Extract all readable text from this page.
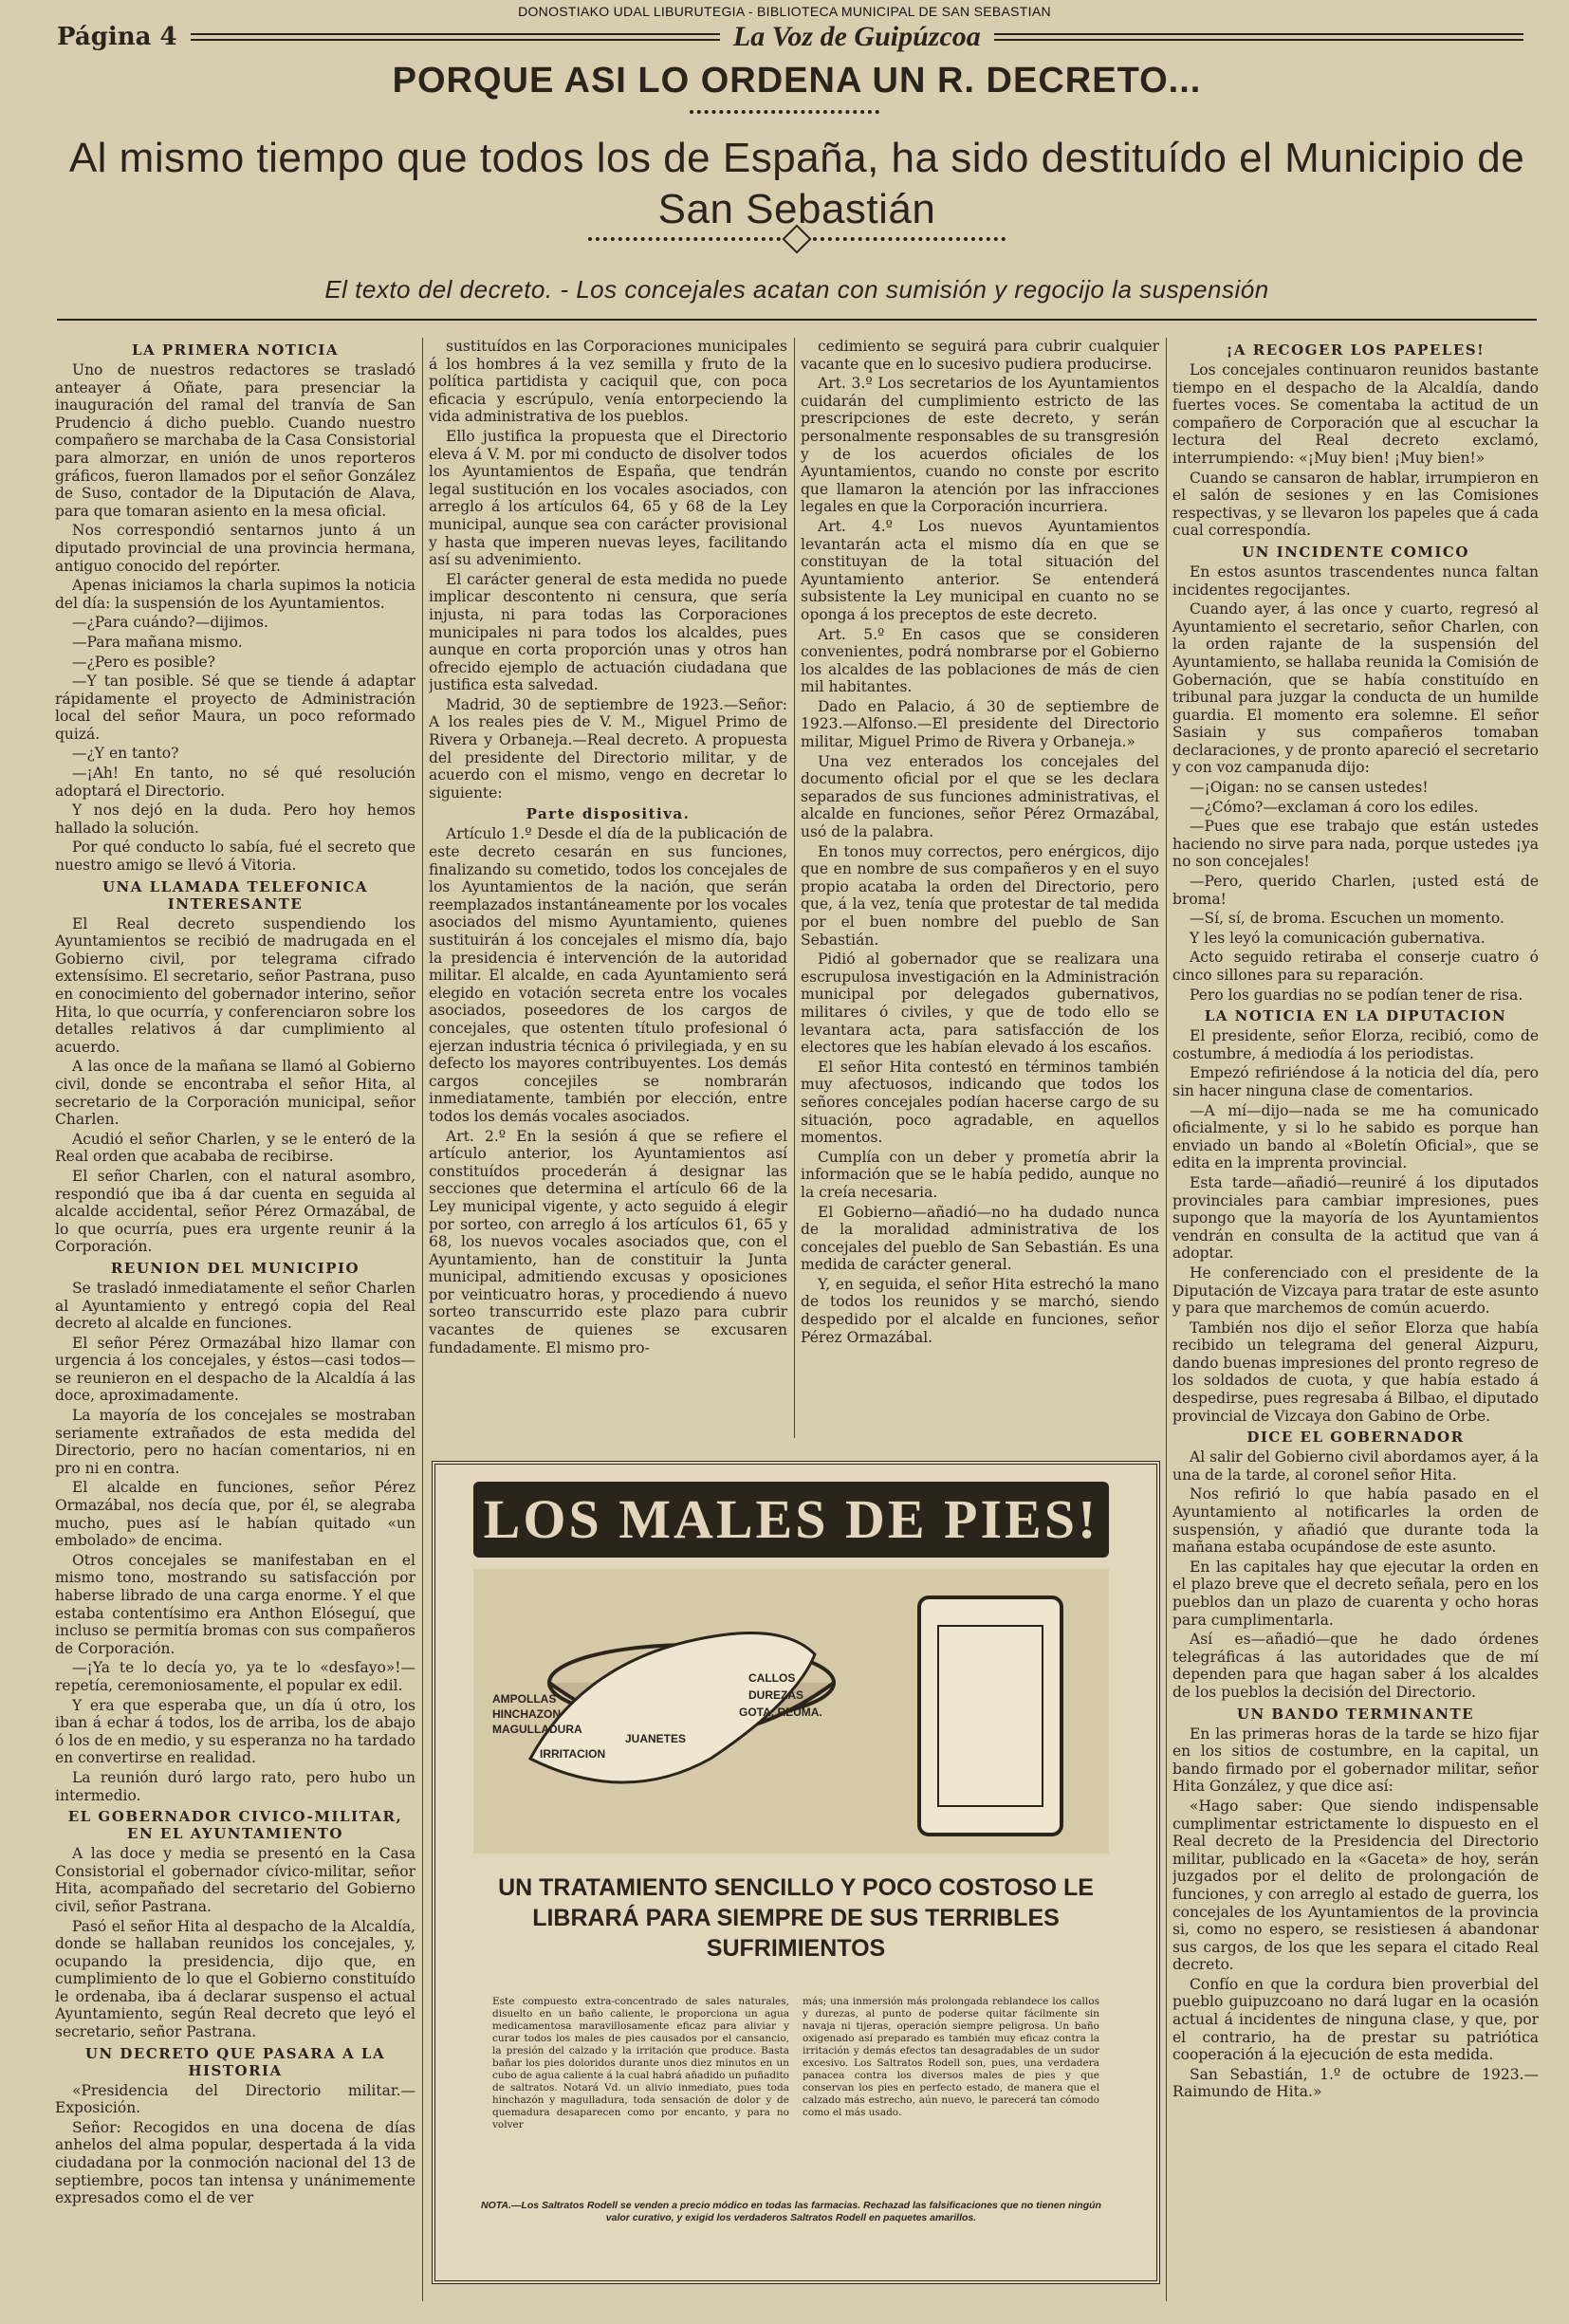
DONOSTIAKO UDAL LIBURUTEGIA - BIBLIOTECA MUNICIPAL DE SAN SEBASTIAN
Página 4	La Voz de Guipúzcoa
PORQUE ASI LO ORDENA UN R. DECRETO...
Al mismo tiempo que todos los de España, ha sido destituído el Municipio de San Sebastián
El texto del decreto. - Los concejales acatan con sumisión y regocijo la suspensión
LA PRIMERA NOTICIA

Uno de nuestros redactores se trasladó anteayer á Oñate, para presenciar la inauguración del ramal del tranvía de San Prudencio á dicho pueblo. Cuando nuestro compañero se marchaba de la Casa Consistorial para almorzar, en unión de unos reporteros gráficos, fueron llamados por el señor González de Suso, contador de la Diputación de Alava, para que tomaran asiento en la mesa oficial.

Nos correspondió sentarnos junto á un diputado provincial de una provincia hermana, antiguo conocido del repórter.

Apenas iniciamos la charla supimos la noticia del día: la suspensión de los Ayuntamientos.

—¿Para cuándo?—dijimos.

—Para mañana mismo.

—¿Pero es posible?

—Y tan posible. Sé que se tiende á adaptar rápidamente el proyecto de Administración local del señor Maura, un poco reformado quizá.

—¿Y en tanto?

—¡Ah! En tanto, no sé qué resolución adoptará el Directorio.

Y nos dejó en la duda. Pero hoy hemos hallado la solución.

Por qué conducto lo sabía, fué el secreto que nuestro amigo se llevó á Vitoria.

UNA LLAMADA TELEFONICA INTERESANTE

El Real decreto suspendiendo los Ayuntamientos se recibió de madrugada en el Gobierno civil, por telegrama cifrado extensísimo. El secretario, señor Pastrana, puso en conocimiento del gobernador interino, señor Hita, lo que ocurría, y conferenciaron sobre los detalles relativos á dar cumplimiento al acuerdo.

A las once de la mañana se llamó al Gobierno civil, donde se encontraba el señor Hita, al secretario de la Corporación municipal, señor Charlen.

Acudió el señor Charlen, y se le enteró de la Real orden que acababa de recibirse.

El señor Charlen, con el natural asombro, respondió que iba á dar cuenta en seguida al alcalde accidental, señor Pérez Ormazábal, de lo que ocurría, pues era urgente reunir á la Corporación.

REUNION DEL MUNICIPIO

Se trasladó inmediatamente el señor Charlen al Ayuntamiento y entregó copia del Real decreto al alcalde en funciones.

El señor Pérez Ormazábal hizo llamar con urgencia á los concejales, y éstos—casi todos—se reunieron en el despacho de la Alcaldía á las doce, aproximadamente.

La mayoría de los concejales se mostraban seriamente extrañados de esta medida del Directorio, pero no hacían comentarios, ni en pro ni en contra.

El alcalde en funciones, señor Pérez Ormazábal, nos decía que, por él, se alegraba mucho, pues así le habían quitado «un embolado» de encima.

Otros concejales se manifestaban en el mismo tono, mostrando su satisfacción por haberse librado de una carga enorme. Y el que estaba contentísimo era Anthon Elóseguí, que incluso se permitía bromas con sus compañeros de Corporación.

—¡Ya te lo decía yo, ya te lo «desfayo»!—repetía, ceremoniosamente, el popular ex edil.

Y era que esperaba que, un día ú otro, los iban á echar á todos, los de arriba, los de abajo ó los de en medio, y su esperanza no ha tardado en convertirse en realidad.

La reunión duró largo rato, pero hubo un intermedio.

EL GOBERNADOR CIVICO-MILITAR, EN EL AYUNTAMIENTO

A las doce y media se presentó en la Casa Consistorial el gobernador cívico-militar, señor Hita, acompañado del secretario del Gobierno civil, señor Pastrana.

Pasó el señor Hita al despacho de la Alcaldía, donde se hallaban reunidos los concejales, y, ocupando la presidencia, dijo que, en cumplimiento de lo que el Gobierno constituído le ordenaba, iba á declarar suspenso el actual Ayuntamiento, según Real decreto que leyó el secretario, señor Pastrana.

UN DECRETO QUE PASARA A LA HISTORIA

«Presidencia del Directorio militar.—Exposición.

Señor: Recogidos en una docena de días anhelos del alma popular, despertada á la vida ciudadana por la conmoción nacional del 13 de septiembre, pocos tan intensa y unánimemente expresados como el de ver

sustituídos en las Corporaciones municipales á los hombres á la vez semilla y fruto de la política partidista y caciquil que, con poca eficacia y escrúpulo, venía entorpeciendo la vida administrativa de los pueblos.

Ello justifica la propuesta que el Directorio eleva á V. M. por mi conducto de disolver todos los Ayuntamientos de España, que tendrán legal sustitución en los vocales asociados, con arreglo á los artículos 64, 65 y 68 de la Ley municipal, aunque sea con carácter provisional y hasta que imperen nuevas leyes, facilitando así su advenimiento.

El carácter general de esta medida no puede implicar descontento ni censura, que sería injusta, ni para todas las Corporaciones municipales ni para todos los alcaldes, pues aunque en corta proporción unas y otros han ofrecido ejemplo de actuación ciudadana que justifica esta salvedad.

Madrid, 30 de septiembre de 1923.—Señor: A los reales pies de V. M., Miguel Primo de Rivera y Orbaneja.—Real decreto. A propuesta del presidente del Directorio militar, y de acuerdo con el mismo, vengo en decretar lo siguiente:

Parte dispositiva.

Artículo 1.º Desde el día de la publicación de este decreto cesarán en sus funciones, finalizando su cometido, todos los concejales de los Ayuntamientos de la nación, que serán reemplazados instantáneamente por los vocales asociados del mismo Ayuntamiento, quienes sustituirán á los concejales el mismo día, bajo la presidencia é intervención de la autoridad militar. El alcalde, en cada Ayuntamiento será elegido en votación secreta entre los vocales asociados, poseedores de los cargos de concejales, que ostenten título profesional ó ejerzan industria técnica ó privilegiada, y en su defecto los mayores contribuyentes. Los demás cargos concejiles se nombrarán inmediatamente, también por elección, entre todos los demás vocales asociados.

Art. 2.º En la sesión á que se refiere el artículo anterior, los Ayuntamientos así constituídos procederán á designar las secciones que determina el artículo 66 de la Ley municipal vigente, y acto seguido á elegir por sorteo, con arreglo á los artículos 61, 65 y 68, los nuevos vocales asociados que, con el Ayuntamiento, han de constituir la Junta municipal, admitiendo excusas y oposiciones por veinticuatro horas, y procediendo á nuevo sorteo transcurrido este plazo para cubrir vacantes de quienes se excusaren fundadamente. El mismo pro-

cedimiento se seguirá para cubrir cualquier vacante que en lo sucesivo pudiera producirse.

Art. 3.º Los secretarios de los Ayuntamientos cuidarán del cumplimiento estricto de las prescripciones de este decreto, y serán personalmente responsables de su transgresión y de los acuerdos oficiales de los Ayuntamientos, cuando no conste por escrito que llamaron la atención por las infracciones legales en que la Corporación incurriera.

Art. 4.º Los nuevos Ayuntamientos levantarán acta el mismo día en que se constituyan de la total situación del Ayuntamiento anterior. Se entenderá subsistente la Ley municipal en cuanto no se oponga á los preceptos de este decreto.

Art. 5.º En casos que se consideren convenientes, podrá nombrarse por el Gobierno los alcaldes de las poblaciones de más de cien mil habitantes.

Dado en Palacio, á 30 de septiembre de 1923.—Alfonso.—El presidente del Directorio militar, Miguel Primo de Rivera y Orbaneja.»

Una vez enterados los concejales del documento oficial por el que se les declara separados de sus funciones administrativas, el alcalde en funciones, señor Pérez Ormazábal, usó de la palabra.

En tonos muy correctos, pero enérgicos, dijo que en nombre de sus compañeros y en el suyo propio acataba la orden del Directorio, pero que, á la vez, tenía que protestar de tal medida por el buen nombre del pueblo de San Sebastián.

Pidió al gobernador que se realizara una escrupulosa investigación en la Administración municipal por delegados gubernativos, militares ó civiles, y que de todo ello se levantara acta, para satisfacción de los electores que les habían elevado á los escaños.

El señor Hita contestó en términos también muy afectuosos, indicando que todos los señores concejales podían hacerse cargo de su situación, poco agradable, en aquellos momentos.

Cumplía con un deber y prometía abrir la información que se le había pedido, aunque no la creía necesaria.

El Gobierno—añadió—no ha dudado nunca de la moralidad administrativa de los concejales del pueblo de San Sebastián. Es una medida de carácter general.

Y, en seguida, el señor Hita estrechó la mano de todos los reunidos y se marchó, siendo despedido por el alcalde en funciones, señor Pérez Ormazábal.

¡A RECOGER LOS PAPELES!

Los concejales continuaron reunidos bastante tiempo en el despacho de la Alcaldía, dando fuertes voces. Se comentaba la actitud de un compañero de Corporación que al escuchar la lectura del Real decreto exclamó, interrumpiendo: «¡Muy bien! ¡Muy bien!»

Cuando se cansaron de hablar, irrumpieron en el salón de sesiones y en las Comisiones respectivas, y se llevaron los papeles que á cada cual correspondía.

UN INCIDENTE COMICO

En estos asuntos trascendentes nunca faltan incidentes regocijantes.

Cuando ayer, á las once y cuarto, regresó al Ayuntamiento el secretario, señor Charlen, con la orden rajante de la suspensión del Ayuntamiento, se hallaba reunida la Comisión de Gobernación, que se había constituído en tribunal para juzgar la conducta de un humilde guardia. El momento era solemne. El señor Sasiain y sus compañeros tomaban declaraciones, y de pronto apareció el secretario y con voz campanuda dijo:

—¡Oigan: no se cansen ustedes!

—¿Cómo?—exclaman á coro los ediles.

—Pues que ese trabajo que están ustedes haciendo no sirve para nada, porque ustedes ¡ya no son concejales!

—Pero, querido Charlen, ¡usted está de broma!

—Sí, sí, de broma. Escuchen un momento.

Y les leyó la comunicación gubernativa.

Acto seguido retiraba el conserje cuatro ó cinco sillones para su reparación.

Pero los guardias no se podían tener de risa.

LA NOTICIA EN LA DIPUTACION

El presidente, señor Elorza, recibió, como de costumbre, á mediodía á los periodistas.

Empezó refiriéndose á la noticia del día, pero sin hacer ninguna clase de comentarios.

—A mí—dijo—nada se me ha comunicado oficialmente, y si lo he sabido es porque han enviado un bando al «Boletín Oficial», que se edita en la imprenta provincial.

Esta tarde—añadió—reuniré á los diputados provinciales para cambiar impresiones, pues supongo que la mayoría de los Ayuntamientos vendrán en consulta de la actitud que van á adoptar.

He conferenciado con el presidente de la Diputación de Vizcaya para tratar de este asunto y para que marchemos de común acuerdo.

También nos dijo el señor Elorza que había recibido un telegrama del general Aizpuru, dando buenas impresiones del pronto regreso de los soldados de cuota, y que había estado á despedirse, pues regresaba á Bilbao, el diputado provincial de Vizcaya don Gabino de Orbe.

DICE EL GOBERNADOR

Al salir del Gobierno civil abordamos ayer, á la una de la tarde, al coronel señor Hita.

Nos refirió lo que había pasado en el Ayuntamiento al notificarles la orden de suspensión, y añadió que durante toda la mañana estaba ocupándose de este asunto.

En las capitales hay que ejecutar la orden en el plazo breve que el decreto señala, pero en los pueblos dan un plazo de cuarenta y ocho horas para cumplimentarla.

Así es—añadió—que he dado órdenes telegráficas á las autoridades que de mí dependen para que hagan saber á los alcaldes de los pueblos la decisión del Directorio.

UN BANDO TERMINANTE

En las primeras horas de la tarde se hizo fijar en los sitios de costumbre, en la capital, un bando firmado por el gobernador militar, señor Hita González, y que dice así:

«Hago saber: Que siendo indispensable cumplimentar estrictamente lo dispuesto en el Real decreto de la Presidencia del Directorio militar, publicado en la «Gaceta» de hoy, serán juzgados por el delito de prolongación de funciones, y con arreglo al estado de guerra, los concejales de los Ayuntamientos de la provincia si, como no espero, se resistiesen á abandonar sus cargos, de los que les separa el citado Real decreto.

Confío en que la cordura bien proverbial del pueblo guipuzcoano no dará lugar en la ocasión actual á incidentes de ninguna clase, y que, por el contrario, ha de prestar su patriótica cooperación á la ejecución de esta medida.

San Sebastián, 1.º de octubre de 1923.—Raimundo de Hita.»

LOS MALES DE PIES!
AMPOLLAS
HINCHAZON
MAGULLADURA
IRRITACION
JUANETES
CALLOS
DUREZAS
GOTA, REUMA.
UN TRATAMIENTO SENCILLO Y POCO COSTOSO LE LIBRARÁ PARA SIEMPRE DE SUS TERRIBLES SUFRIMIENTOS
Este compuesto extra-concentrado de sales naturales, disuelto en un baño caliente, le proporciona un agua medicamentosa maravillosamente eficaz para aliviar y curar todos los males de pies causados por el cansancio, la presión del calzado y la irritación que produce. Basta bañar los pies doloridos durante unos diez minutos en un cubo de agua caliente á la cual habrá añadido un puñadito de saltratos. Notará Vd. un alivio inmediato, pues toda hinchazón y magulladura, toda sensación de dolor y de quemadura desaparecen como por encanto, y para no volver
más; una inmersión más prolongada reblandece los callos y durezas, al punto de poderse quitar fácilmente sin navaja ni tijeras, operación siempre peligrosa. Un baño oxigenado así preparado es también muy eficaz contra la irritación y demás efectos tan desagradables de un sudor excesivo. Los Saltratos Rodell son, pues, una verdadera panacea contra los diversos males de pies y que conservan los pies en perfecto estado, de manera que el calzado más estrecho, aún nuevo, le parecerá tan cómodo como el más usado.
NOTA.—Los Saltratos Rodell se venden a precio módico en todas las farmacias. Rechazad las falsificaciones que no tienen ningún valor curativo, y exigid los verdaderos Saltratos Rodell en paquetes amarillos.
